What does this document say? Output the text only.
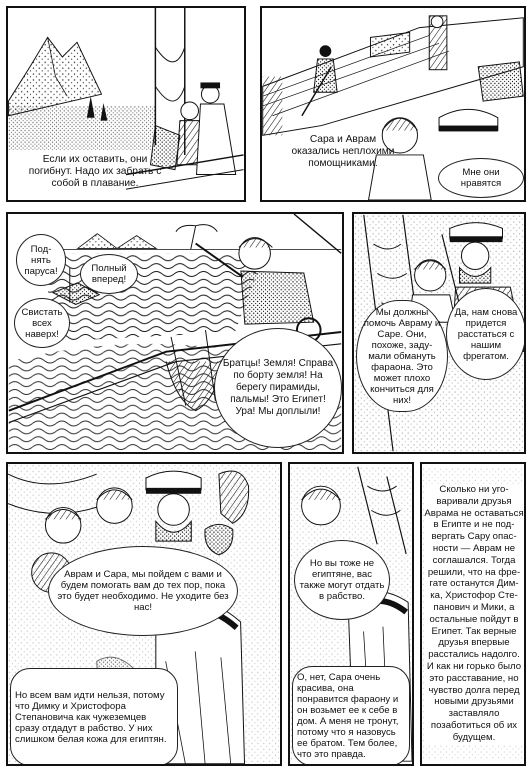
Если их оставить, они погибнут. Надо их забрать с собой в плавание.
Сара и Аврам оказались неплохими помощниками.
Мне они нравятся
Под-нять паруса!	Полный вперед!
Свистать всех наверх!
Братцы! Земля! Справа по борту земля! На берегу пирамиды, пальмы! Это Египет! Ура! Мы доплыли!
Мы должны помочь Авраму и Саре. Они, похоже, заду-мали обмануть фараона. Это может плохо кончиться для них!
Да, нам снова придется расстаться с нашим фрегатом.
Аврам и Сара, мы пойдем с вами и будем помогать вам до тех пор, пока это будет необходимо. Не уходите без нас!
Но всем вам идти нельзя, потому что Димку и Христофора Степановича как чужеземцев сразу отдадут в рабство. У них слишком белая кожа для египтян.
Но вы тоже не египтяне, вас также могут отдать в рабство.
О, нет, Сара очень красива, она понравится фараону и он возьмет ее к себе в дом. А меня не тронут, потому что я назовусь ее братом. Тем более, что это правда.
Сколько ни уго-варивали друзья Аврама не оставаться в Египте и не под-вергать Сару опас-ности — Аврам не соглашался. Тогда решили, что на фре-гате останутся Дим-ка, Христофор Сте-панович и Мики, а остальные пойдут в Египет. Так верные друзья впервые расстались надолго. И как ни горько было это расставание, но чувство долга перед новыми друзьями заставляло позаботиться об их будущем.
